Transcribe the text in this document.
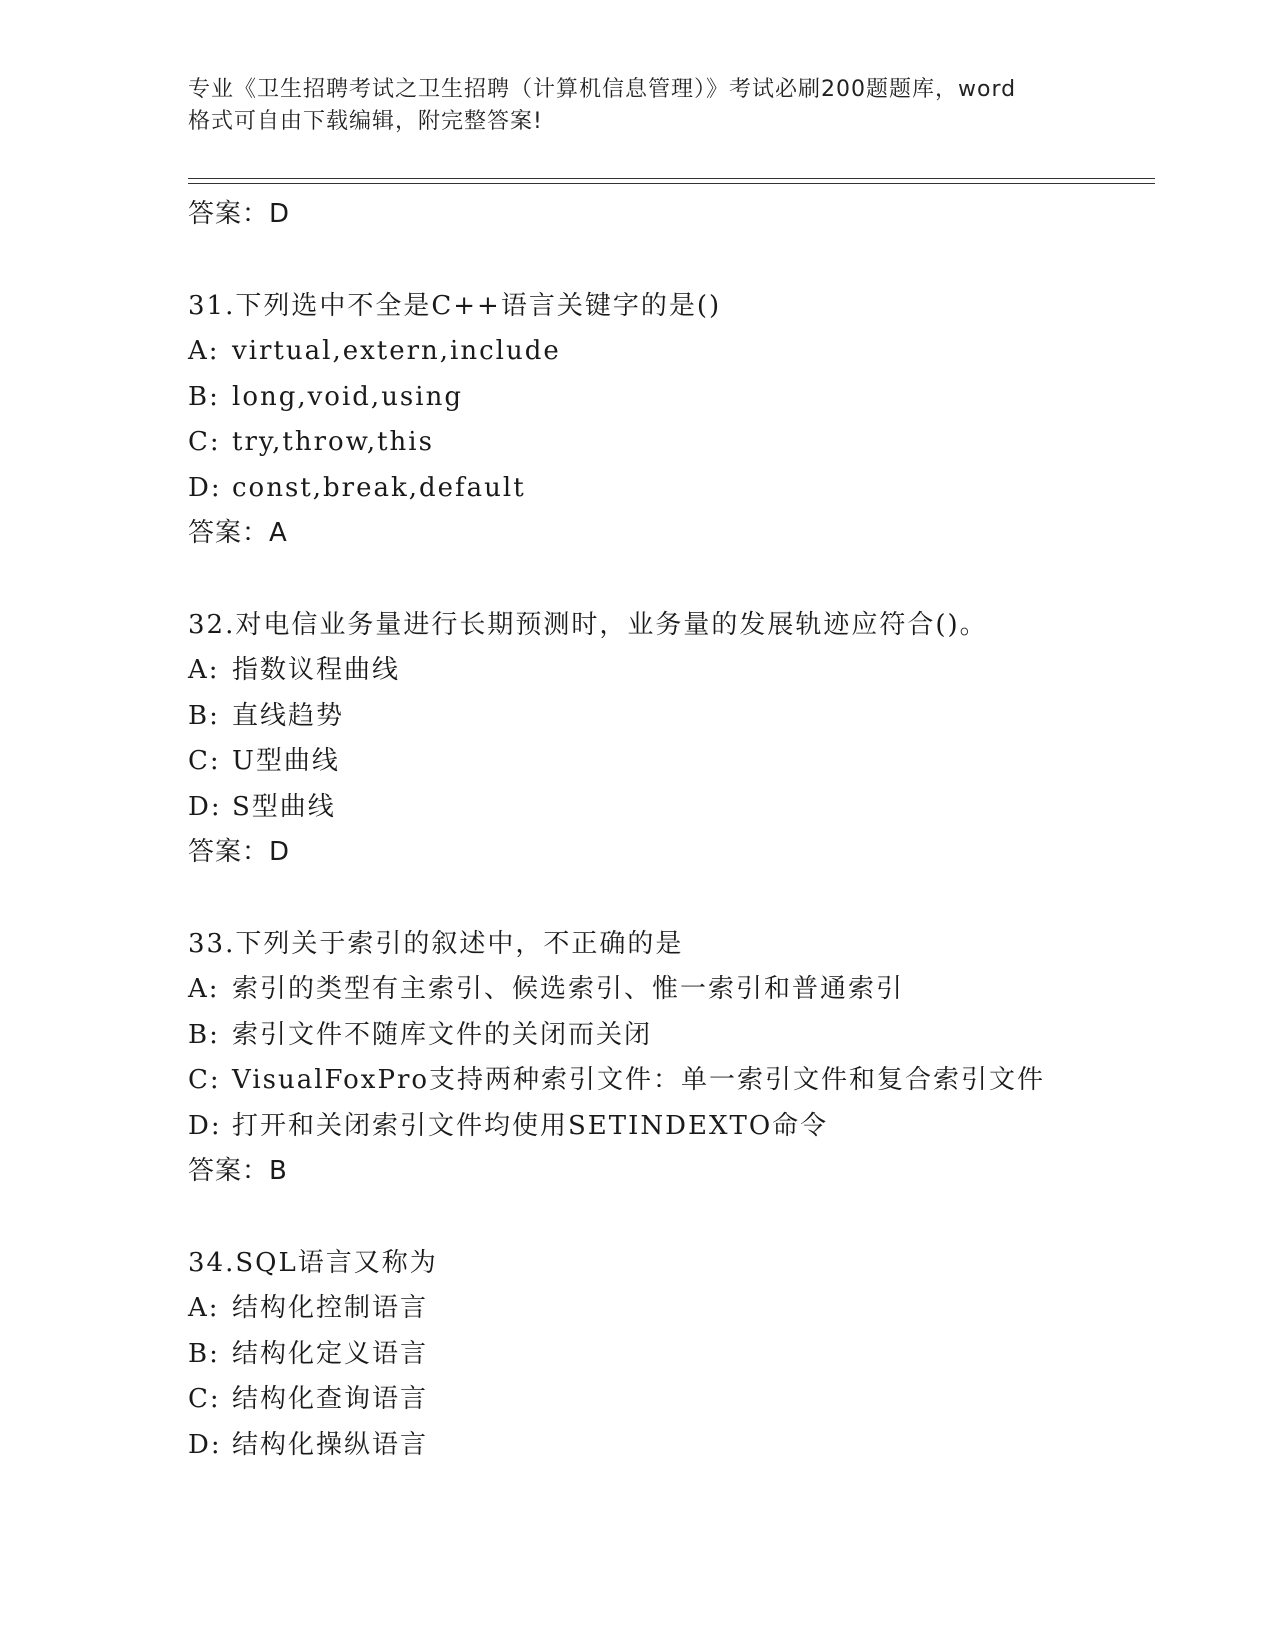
专业《卫生招聘考试之卫生招聘（计算机信息管理）》考试必刷200题题库，word
格式可自由下载编辑，附完整答案!
答案：D
31.下列选中不全是C++语言关键字的是()
A: virtual,extern,include
B: long,void,using
C: try,throw,this
D: const,break,default
答案：A
32.对电信业务量进行长期预测时，业务量的发展轨迹应符合()。
A: 指数议程曲线
B: 直线趋势
C: U型曲线
D: S型曲线
答案：D
33.下列关于索引的叙述中，不正确的是
A: 索引的类型有主索引、候选索引、惟一索引和普通索引
B: 索引文件不随库文件的关闭而关闭
C: VisualFoxPro支持两种索引文件：单一索引文件和复合索引文件
D: 打开和关闭索引文件均使用SETINDEXTO命令
答案：B
34.SQL语言又称为
A: 结构化控制语言
B: 结构化定义语言
C: 结构化查询语言
D: 结构化操纵语言
